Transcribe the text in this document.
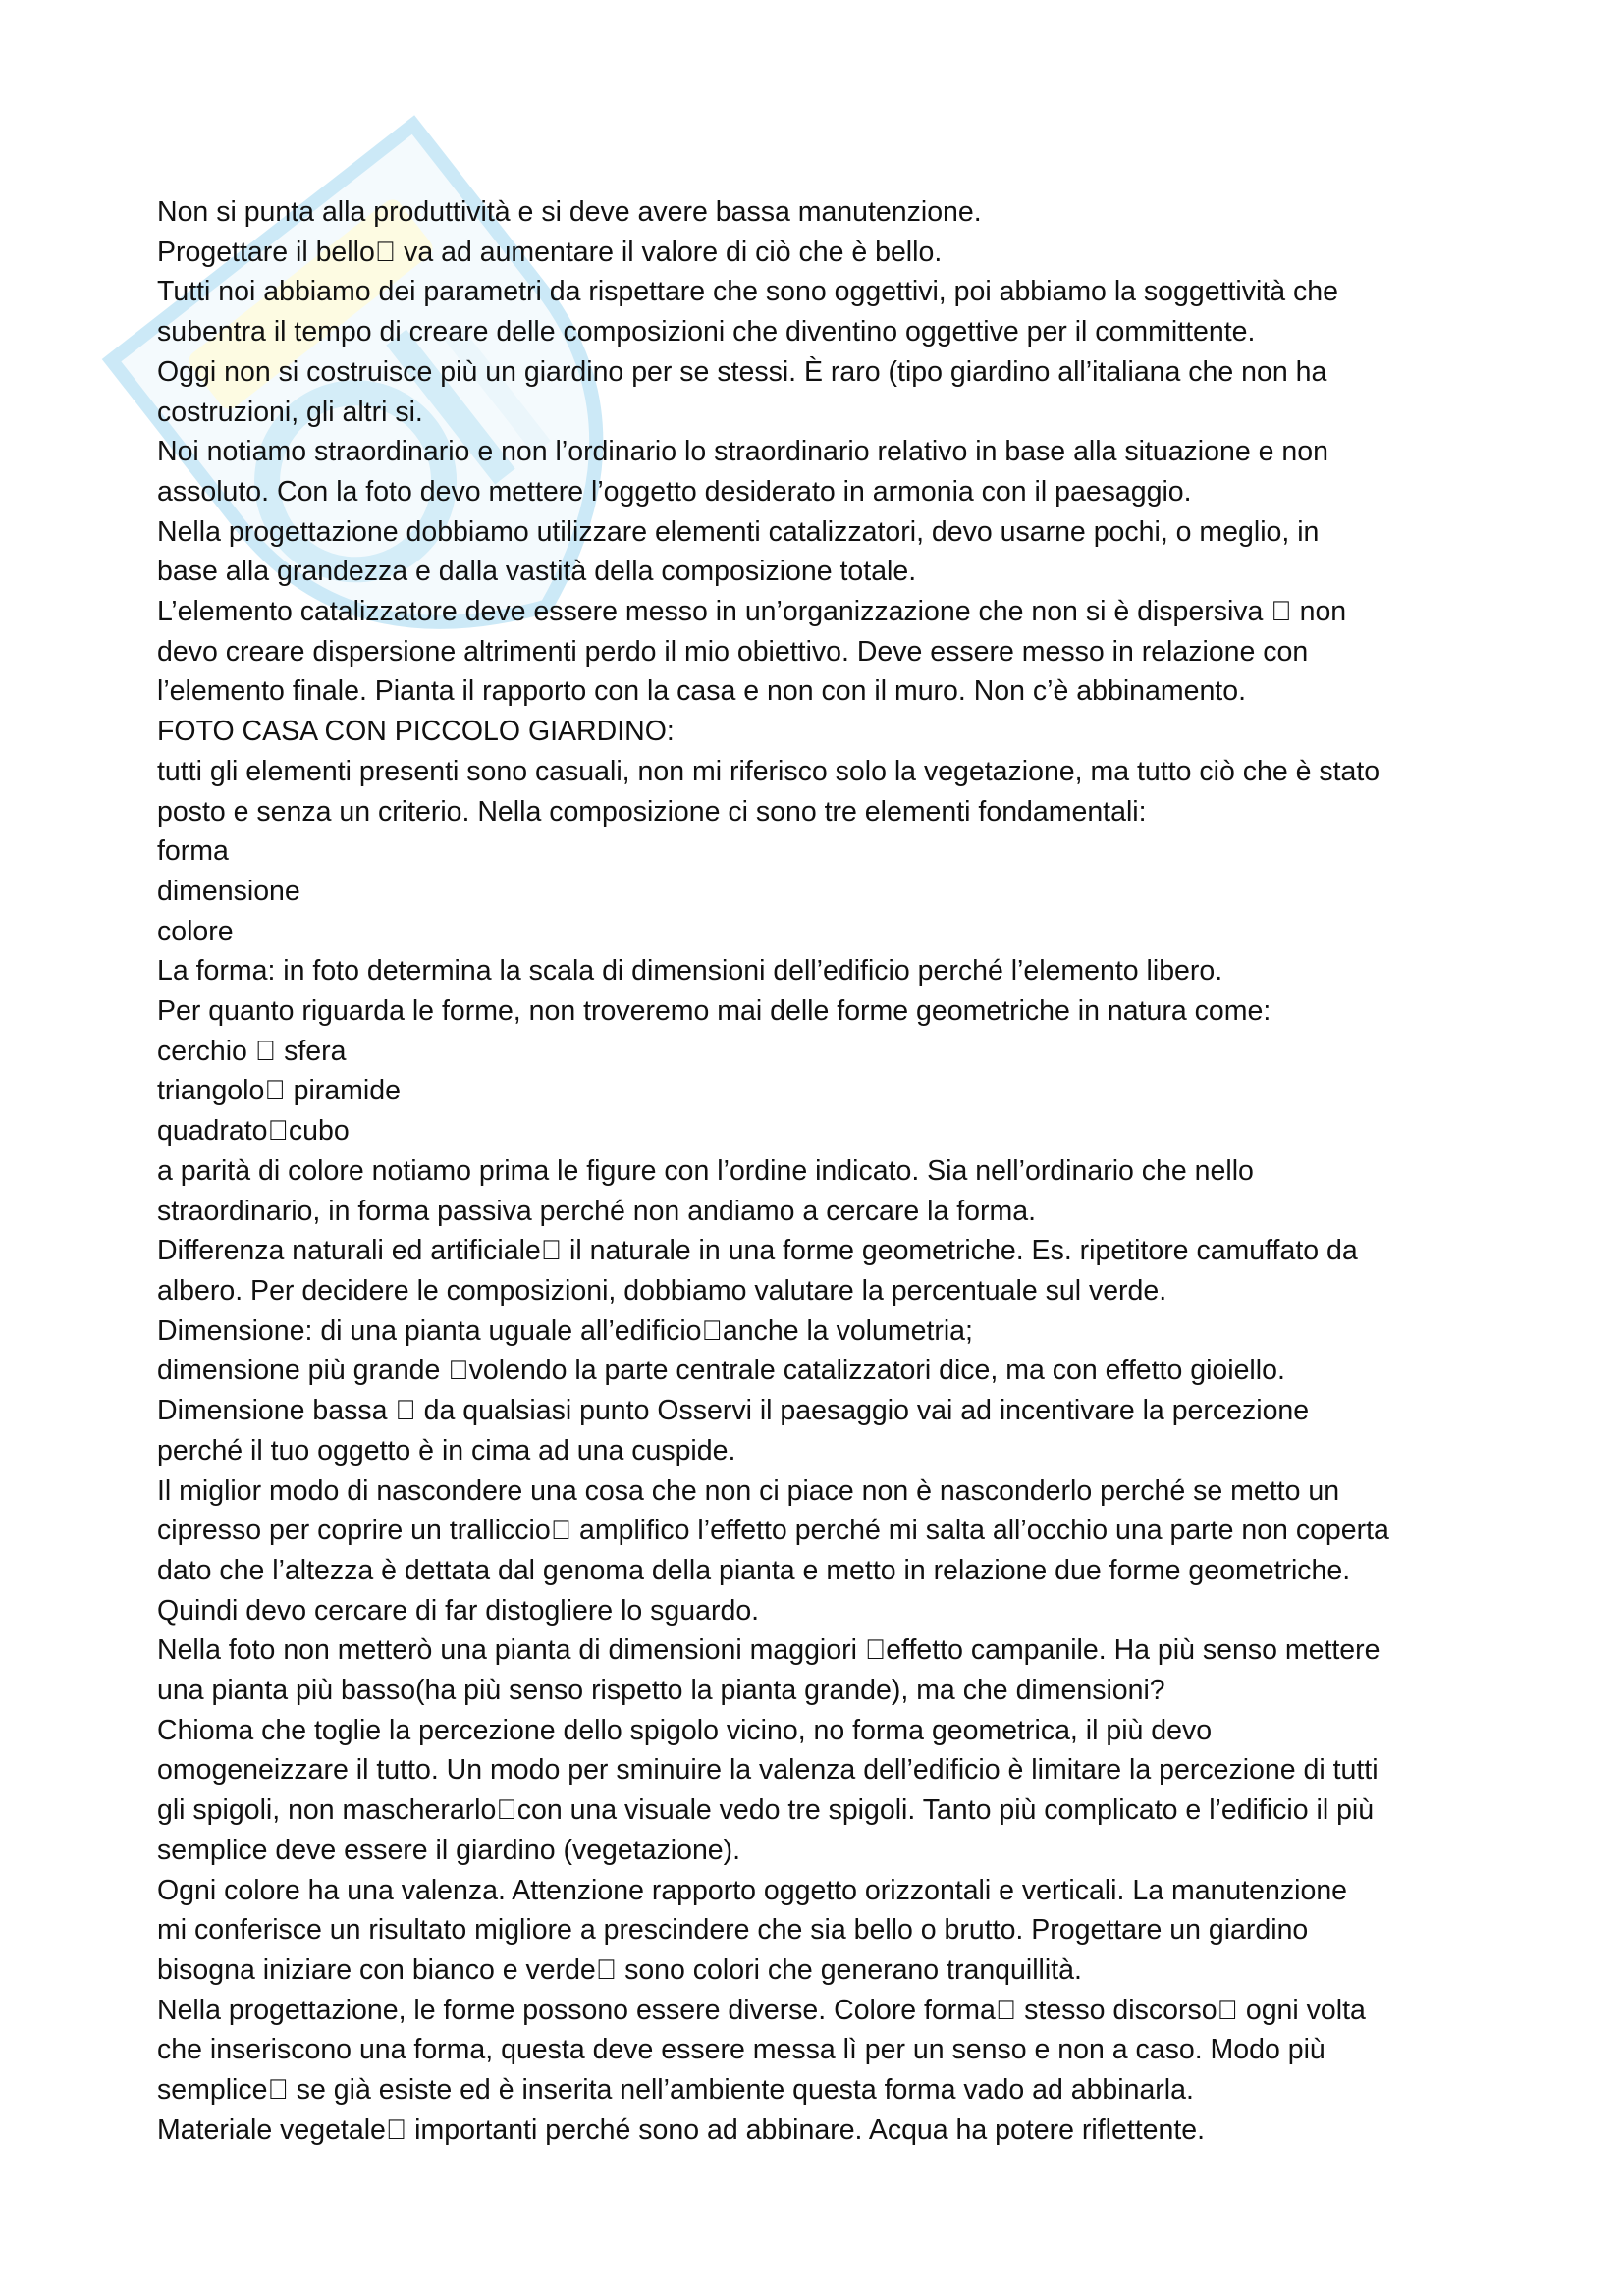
Non si punta alla produttività e si deve avere bassa manutenzione.
Progettare il bello va ad aumentare il valore di ciò che è bello.
Tutti noi abbiamo dei parametri da rispettare che sono oggettivi, poi abbiamo la soggettività che
subentra il tempo di creare delle composizioni che diventino oggettive per il committente.
Oggi non si costruisce più un giardino per se stessi. È raro (tipo giardino all’italiana che non ha
costruzioni, gli altri si.
Noi notiamo straordinario e non l’ordinario lo straordinario relativo in base alla situazione e non
assoluto. Con la foto devo mettere l’oggetto desiderato in armonia con il paesaggio.
Nella progettazione dobbiamo utilizzare elementi catalizzatori, devo usarne pochi, o meglio, in
base alla grandezza e dalla vastità della composizione totale.
L’elemento catalizzatore deve essere messo in un’organizzazione che non si è dispersiva non
devo creare dispersione altrimenti perdo il mio obiettivo. Deve essere messo in relazione con
l’elemento finale. Pianta il rapporto con la casa e non con il muro. Non c’è abbinamento.
FOTO CASA CON PICCOLO GIARDINO:
tutti gli elementi presenti sono casuali, non mi riferisco solo la vegetazione, ma tutto ciò che è stato
posto e senza un criterio. Nella composizione ci sono tre elementi fondamentali:
forma
dimensione
colore
La forma: in foto determina la scala di dimensioni dell’edificio perché l’elemento libero.
Per quanto riguarda le forme, non troveremo mai delle forme geometriche in natura come:
cerchio sfera
triangolo piramide
quadrato cubo
a parità di colore notiamo prima le figure con l’ordine indicato. Sia nell’ordinario che nello
straordinario, in forma passiva perché non andiamo a cercare la forma.
Differenza naturali ed artificiale il naturale in una forme geometriche. Es. ripetitore camuffato da
albero. Per decidere le composizioni, dobbiamo valutare la percentuale sul verde.
Dimensione: di una pianta uguale all’edificio anche la volumetria;
dimensione più grande volendo la parte centrale catalizzatori dice, ma con effetto gioiello.
Dimensione bassa da qualsiasi punto Osservi il paesaggio vai ad incentivare la percezione
perché il tuo oggetto è in cima ad una cuspide.
Il miglior modo di nascondere una cosa che non ci piace non è nasconderlo perché se metto un
cipresso per coprire un tralliccio amplifico l’effetto perché mi salta all’occhio una parte non coperta
dato che l’altezza è dettata dal genoma della pianta e metto in relazione due forme geometriche.
Quindi devo cercare di far distogliere lo sguardo.
Nella foto non metterò una pianta di dimensioni maggiori effetto campanile. Ha più senso mettere
una pianta più basso(ha più senso rispetto la pianta grande), ma che dimensioni?
Chioma che toglie la percezione dello spigolo vicino, no forma geometrica, il più devo
omogeneizzare il tutto. Un modo per sminuire la valenza dell’edificio è limitare la percezione di tutti
gli spigoli, non mascherarlo con una visuale vedo tre spigoli. Tanto più complicato e l’edificio il più
semplice deve essere il giardino (vegetazione).
Ogni colore ha una valenza. Attenzione rapporto oggetto orizzontali e verticali. La manutenzione
mi conferisce un risultato migliore a prescindere che sia bello o brutto. Progettare un giardino
bisogna iniziare con bianco e verde sono colori che generano tranquillità.
Nella progettazione, le forme possono essere diverse. Colore forma stesso discorso ogni volta
che inseriscono una forma, questa deve essere messa lì per un senso e non a caso. Modo più
semplice se già esiste ed è inserita nell’ambiente questa forma vado ad abbinarla.
Materiale vegetale importanti perché sono ad abbinare. Acqua ha potere riflettente.
